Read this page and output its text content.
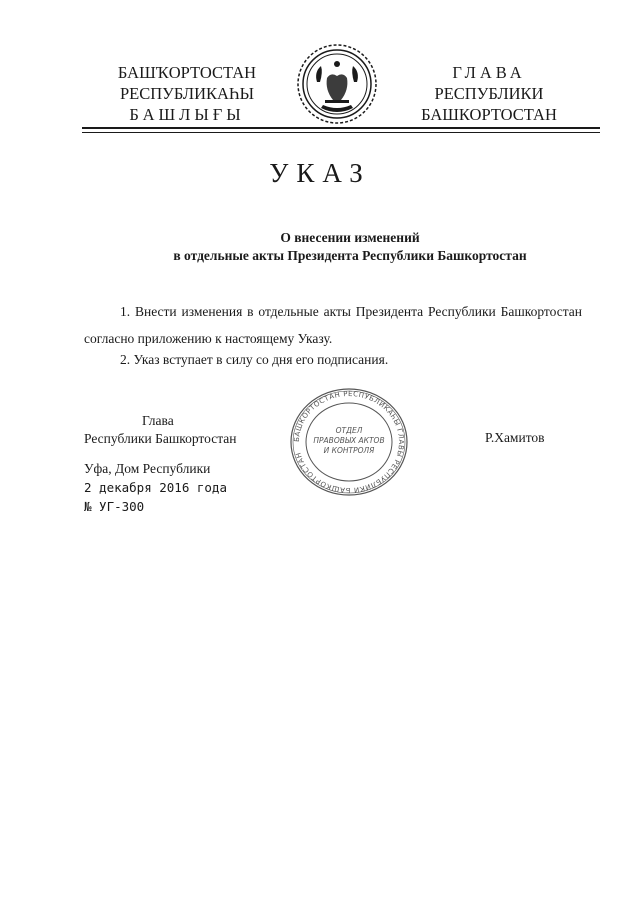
БАШҠОРТОСТАН
РЕСПУБЛИКАҺЫ
БАШЛЫҒЫ
ГЛАВА
РЕСПУБЛИКИ
БАШКОРТОСТАН
УКАЗ
О внесении изменений
в отдельные акты Президента Республики Башкортостан
1. Внести изменения в отдельные акты Президента Республики Башкортостан согласно приложению к настоящему Указу.
2. Указ вступает в силу со дня его подписания.
Глава
Республики Башкортостан	БАШКОРТОСТАН РЕСПУБЛИКАҺЫ ГЛАВЫ РЕСПУБЛИКИ БАШКОРТОСТАН
ОТДЕЛ
ПРАВОВЫХ АКТОВ
И КОНТРОЛЯ
Р.Хамитов
Уфа, Дом Республики
2 декабря 2016 года
№ УГ-300
